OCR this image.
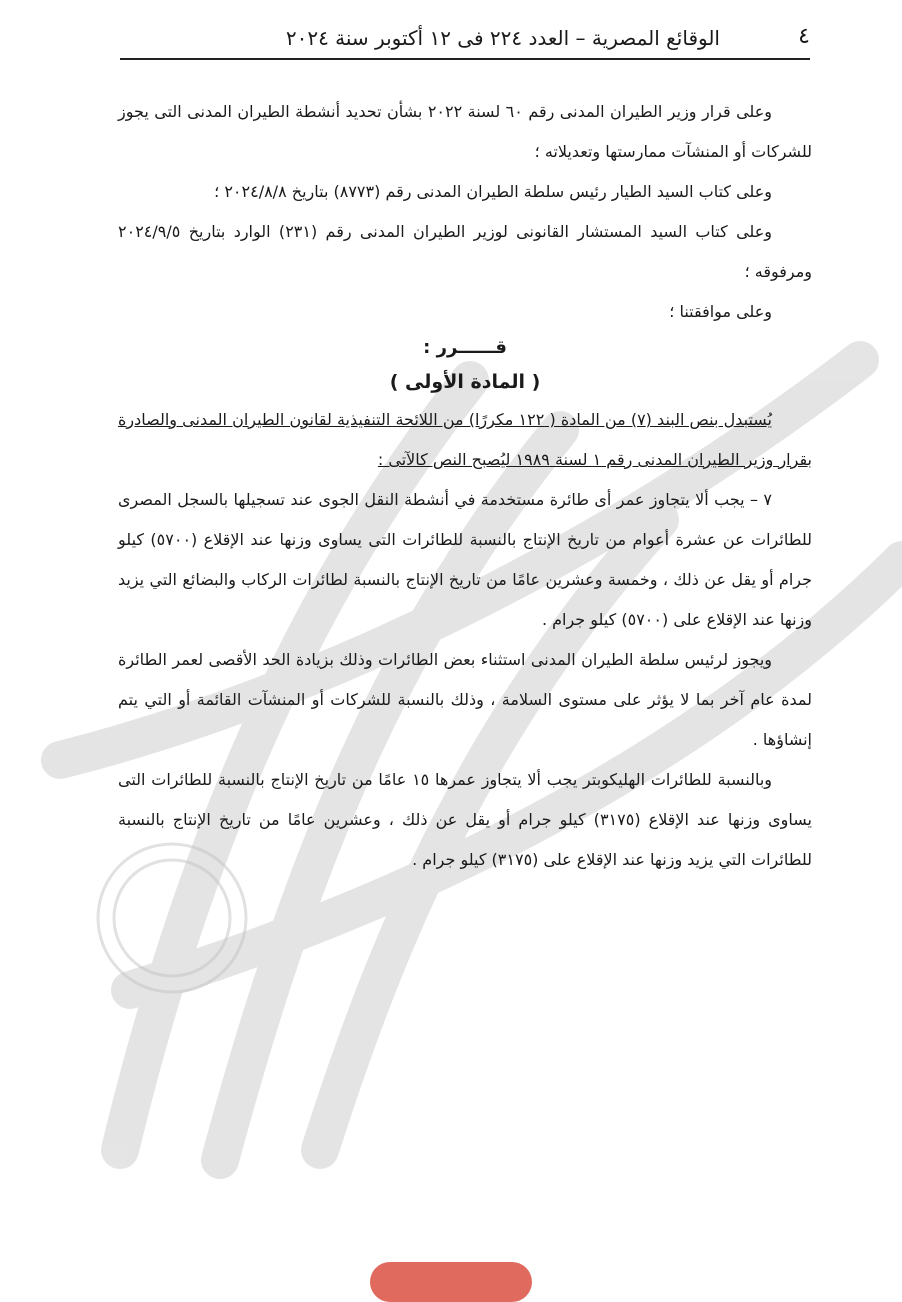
٤
الوقائع المصرية – العدد ٢٢٤ فى ١٢ أكتوبر سنة ٢٠٢٤

وعلى قرار وزير الطيران المدنى رقم ٦٠ لسنة ٢٠٢٢ بشأن تحديد أنشطة الطيران المدنى التى يجوز للشركات أو المنشآت ممارستها وتعديلاته ؛

وعلى كتاب السيد الطيار رئيس سلطة الطيران المدنى رقم (٨٧٧٣) بتاريخ ٢٠٢٤/٨/٨ ؛

وعلى كتاب السيد المستشار القانونى لوزير الطيران المدنى رقم (٢٣١) الوارد بتاريخ ٢٠٢٤/٩/٥ ومرفوقه ؛

وعلى موافقتنا ؛

قــــــرر :

( المادة الأولى )

يُستبدل بنص البند (٧) من المادة ( ١٢٢ مكررًا) من اللائحة التنفيذية لقانون الطيران المدنى والصادرة بقرار وزير الطيران المدنى رقم ١ لسنة ١٩٨٩ ليُصبح النص كالآتى :

٧ – يجب ألا يتجاوز عمر أى طائرة مستخدمة في أنشطة النقل الجوى عند تسجيلها بالسجل المصرى للطائرات عن عشرة أعوام من تاريخ الإنتاج بالنسبة للطائرات التى يساوى وزنها عند الإقلاع (٥٧٠٠) كيلو جرام أو يقل عن ذلك ، وخمسة وعشرين عامًا من تاريخ الإنتاج بالنسبة لطائرات الركاب والبضائع التي يزيد وزنها عند الإقلاع على (٥٧٠٠) كيلو جرام .

ويجوز لرئيس سلطة الطيران المدنى استثناء بعض الطائرات وذلك بزيادة الحد الأقصى لعمر الطائرة لمدة عام آخر بما لا يؤثر على مستوى السلامة ، وذلك بالنسبة للشركات أو المنشآت القائمة أو التي يتم إنشاؤها .

وبالنسبة للطائرات الهليكوبتر يجب ألا يتجاوز عمرها ١٥ عامًا من تاريخ الإنتاج بالنسبة للطائرات التى يساوى وزنها عند الإقلاع (٣١٧٥) كيلو جرام أو يقل عن ذلك ، وعشرين عامًا من تاريخ الإنتاج بالنسبة للطائرات التي يزيد وزنها عند الإقلاع على (٣١٧٥) كيلو جرام .
